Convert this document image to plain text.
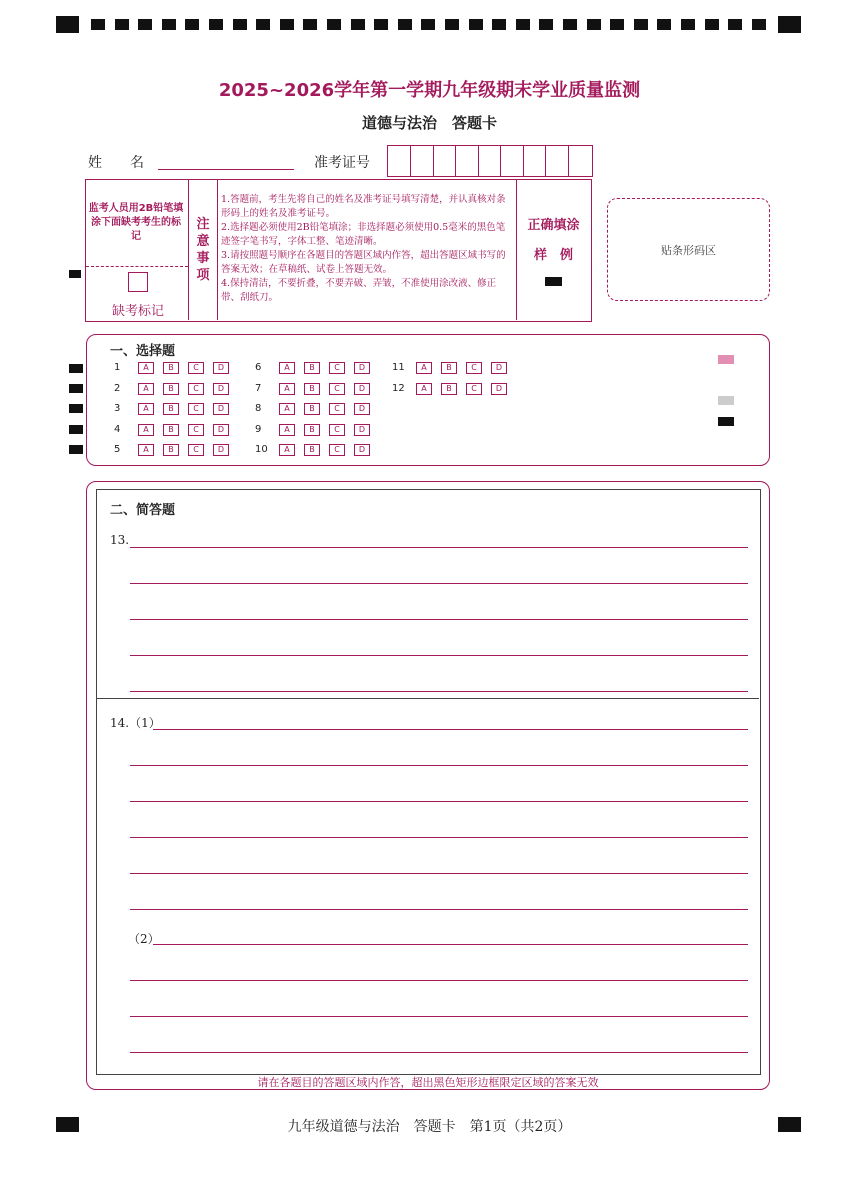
2025~2026学年第一学期九年级期末学业质量监测
道德与法治　答题卡
姓　　名	准考证号
监考人员用2B铅笔填涂下面缺考考生的标记
缺考标记
注意事项
1.答题前，考生先将自己的姓名及准考证号填写清楚，并认真核对条形码上的姓名及准考证号。
2.选择题必须使用2B铅笔填涂；非选择题必须使用0.5毫米的黑色笔迹签字笔书写，字体工整、笔迹清晰。
3.请按照题号顺序在各题目的答题区域内作答，超出答题区域书写的答案无效；在草稿纸、试卷上答题无效。
4.保持清洁，不要折叠，不要弄破、弄皱，不准使用涂改液、修正带、刮纸刀。
正确填涂
样　例	贴条形码区
一、选择题
1	A B C D
2	A B C D
3	A B C D
4	A B C D
5	A B C D
6	A B C D
7	A B C D
8	A B C D
9	A B C D
10 A B C D
11 A B C D
12 A B C D
二、简答题
13.
14.（1）
（2）
请在各题目的答题区域内作答，超出黑色矩形边框限定区域的答案无效
九年级道德与法治　答题卡　第1页（共2页）
